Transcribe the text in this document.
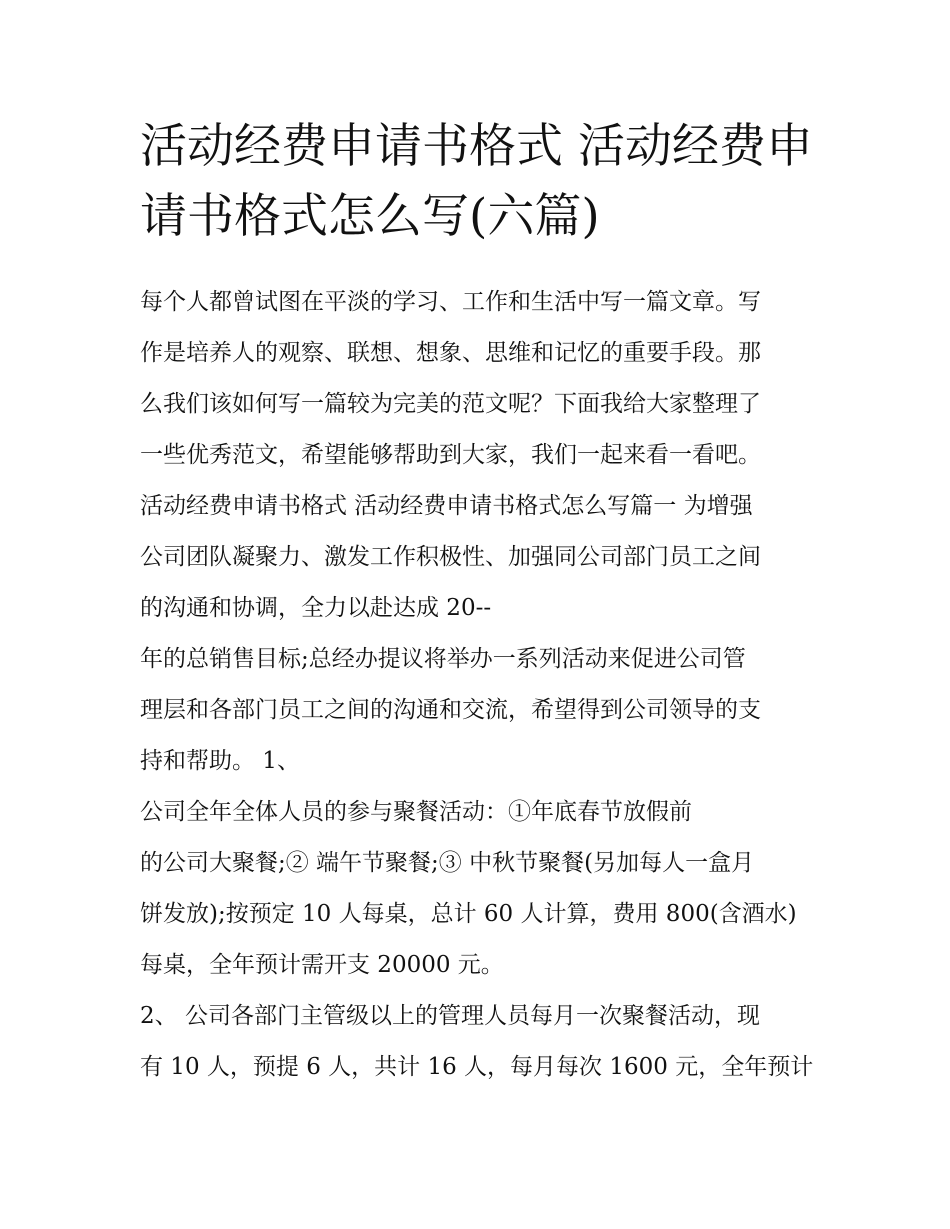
活动经费申请书格式 活动经费申请书格式怎么写(六篇)
每个人都曾试图在平淡的学习、工作和生活中写一篇文章。写
作是培养人的观察、联想、想象、思维和记忆的重要手段。那
么我们该如何写一篇较为完美的范文呢？下面我给大家整理了
一些优秀范文，希望能够帮助到大家，我们一起来看一看吧。
活动经费申请书格式 活动经费申请书格式怎么写篇一 为增强
公司团队凝聚力、激发工作积极性、加强同公司部门员工之间
的沟通和协调，全力以赴达成 20--
年的总销售目标;总经办提议将举办一系列活动来促进公司管
理层和各部门员工之间的沟通和交流，希望得到公司领导的支
持和帮助。 1、
公司全年全体人员的参与聚餐活动：①年底春节放假前
的公司大聚餐;② 端午节聚餐;③ 中秋节聚餐(另加每人一盒月
饼发放);按预定 10 人每桌，总计 60 人计算，费用 800(含酒水)
每桌，全年预计需开支 20000 元。
2、 公司各部门主管级以上的管理人员每月一次聚餐活动，现
有 10 人，预提 6 人，共计 16 人，每月每次 1600 元，全年预计
